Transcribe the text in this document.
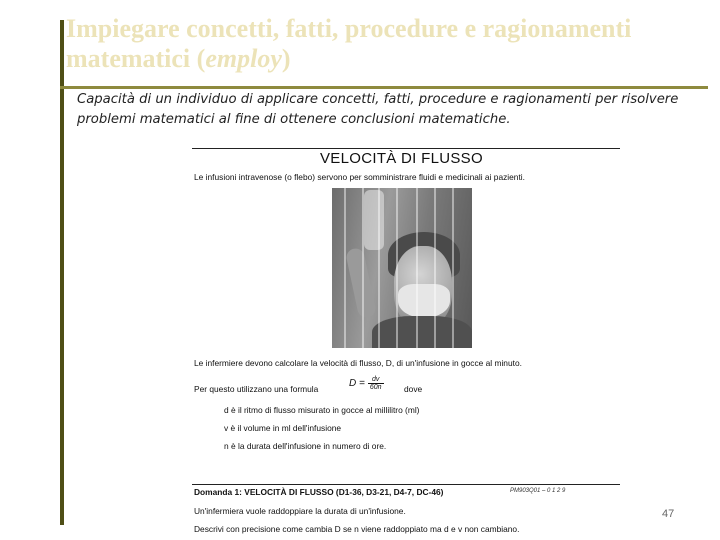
Impiegare concetti, fatti, procedure e ragionamenti matematici (employ)

Capacità di un individuo di applicare concetti, fatti, procedure e ragionamenti per risolvere problemi matematici al fine di ottenere conclusioni matematiche.

VELOCITÀ DI FLUSSO
Le infusioni intravenose (o flebo) servono per somministrare fluidi e medicinali ai pazienti.
Le infermiere devono calcolare la velocità di flusso, D, di un'infusione in gocce al minuto.
Per questo utilizzano una formula	$D = \frac{dv}{60n}$ dove
d è il ritmo di flusso misurato in gocce al millilitro (ml)
v è il volume in ml dell'infusione
n è la durata dell'infusione in numero di ore.
Domanda 1: VELOCITÀ DI FLUSSO (D1-36, D3-21, D4-7, DC-46)	PM903Q01 – 0 1 2 9
Un'infermiera vuole raddoppiare la durata di un'infusione.
Descrivi con precisione come cambia D se n viene raddoppiato ma d e v non cambiano.
47
